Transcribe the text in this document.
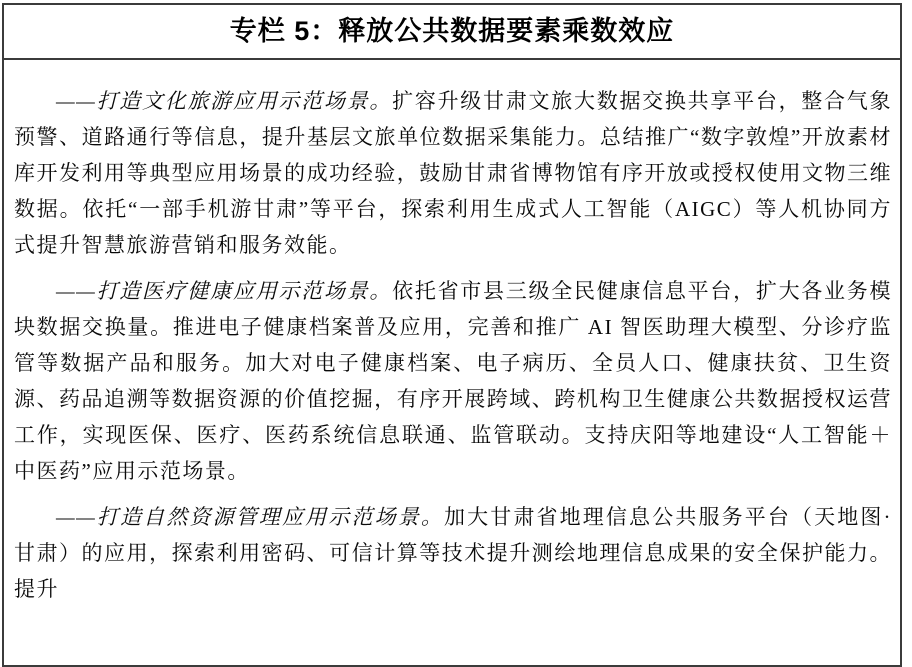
专栏 5：释放公共数据要素乘数效应

——打造文化旅游应用示范场景。扩容升级甘肃文旅大数据交换共享平台，整合气象预警、道路通行等信息，提升基层文旅单位数据采集能力。总结推广“数字敦煌”开放素材库开发利用等典型应用场景的成功经验，鼓励甘肃省博物馆有序开放或授权使用文物三维数据。依托“一部手机游甘肃”等平台，探索利用生成式人工智能（AIGC）等人机协同方式提升智慧旅游营销和服务效能。

——打造医疗健康应用示范场景。依托省市县三级全民健康信息平台，扩大各业务模块数据交换量。推进电子健康档案普及应用，完善和推广 AI 智医助理大模型、分诊疗监管等数据产品和服务。加大对电子健康档案、电子病历、全员人口、健康扶贫、卫生资源、药品追溯等数据资源的价值挖掘，有序开展跨域、跨机构卫生健康公共数据授权运营工作，实现医保、医疗、医药系统信息联通、监管联动。支持庆阳等地建设“人工智能＋中医药”应用示范场景。

——打造自然资源管理应用示范场景。加大甘肃省地理信息公共服务平台（天地图·甘肃）的应用，探索利用密码、可信计算等技术提升测绘地理信息成果的安全保护能力。提升
